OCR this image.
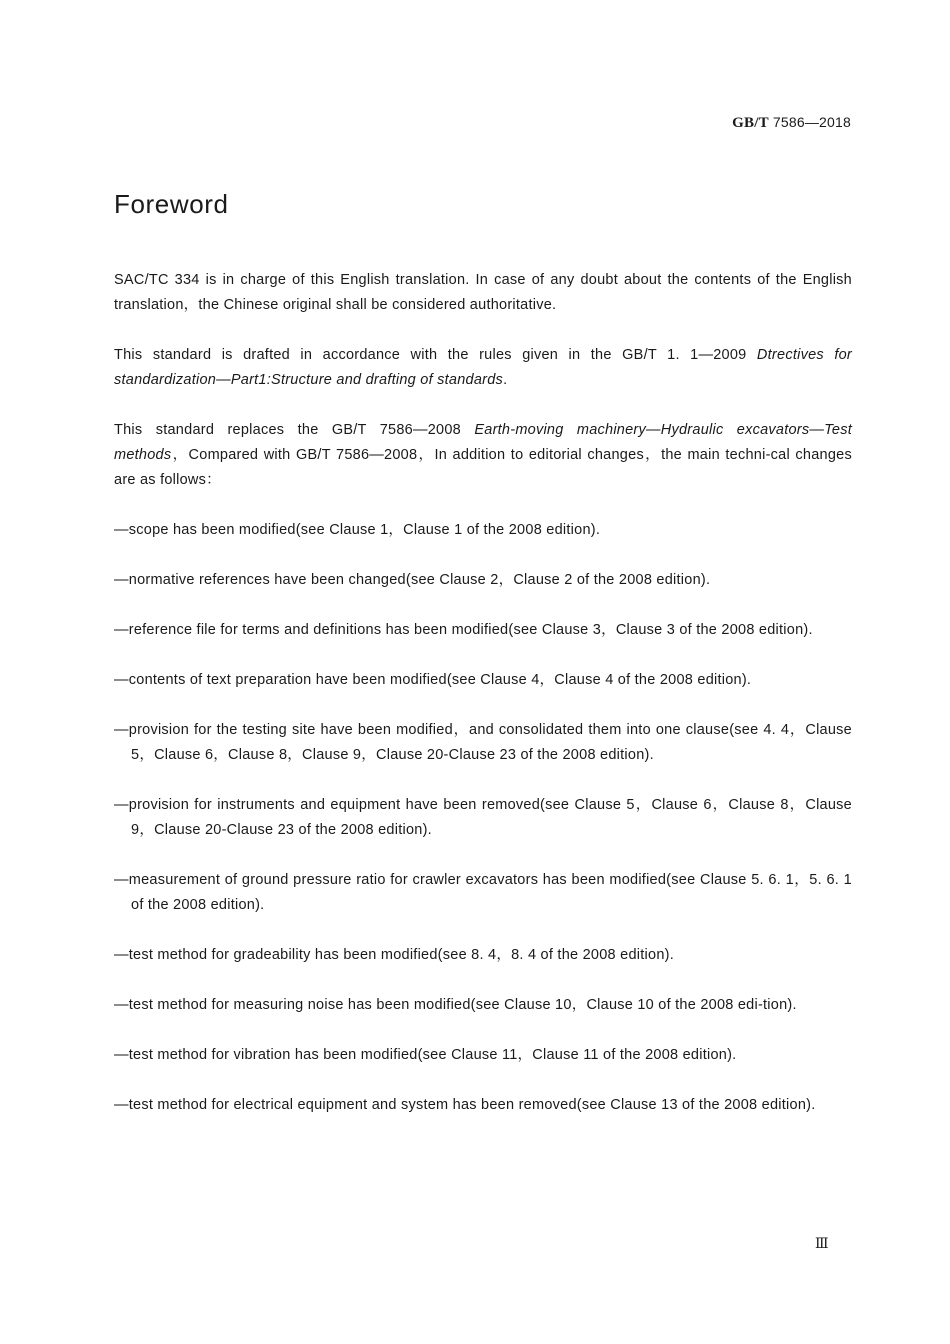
GB/T 7586—2018
Foreword

SAC/TC 334 is in charge of this English translation. In case of any doubt about the contents of the English translation，the Chinese original shall be considered authoritative.

This standard is drafted in accordance with the rules given in the GB/T 1. 1—2009 Dtrectives for standardization—Part1:Structure and drafting of standards.

This standard replaces the GB/T 7586—2008 Earth-moving machinery—Hydraulic excavators—Test methods，Compared with GB/T 7586—2008，In addition to editorial changes，the main techni-cal changes are as follows：

—scope has been modified(see Clause 1，Clause 1 of the 2008 edition).
—normative references have been changed(see Clause 2，Clause 2 of the 2008 edition).
—reference file for terms and definitions has been modified(see Clause 3，Clause 3 of the 2008 edition).
—contents of text preparation have been modified(see Clause 4，Clause 4 of the 2008 edition).
—provision for the testing site have been modified，and consolidated them into one clause(see 4. 4，Clause 5，Clause 6，Clause 8，Clause 9，Clause 20-Clause 23 of the 2008 edition).
—provision for instruments and equipment have been removed(see Clause 5，Clause 6，Clause 8，Clause 9，Clause 20-Clause 23 of the 2008 edition).
—measurement of ground pressure ratio for crawler excavators has been modified(see Clause 5. 6. 1，5. 6. 1 of the 2008 edition).
—test method for gradeability has been modified(see 8. 4，8. 4 of the 2008 edition).
—test method for measuring noise has been modified(see Clause 10，Clause 10 of the 2008 edi-tion).
—test method for vibration has been modified(see Clause 11，Clause 11 of the 2008 edition).
—test method for electrical equipment and system has been removed(see Clause 13 of the 2008 edition).
Ⅲ
